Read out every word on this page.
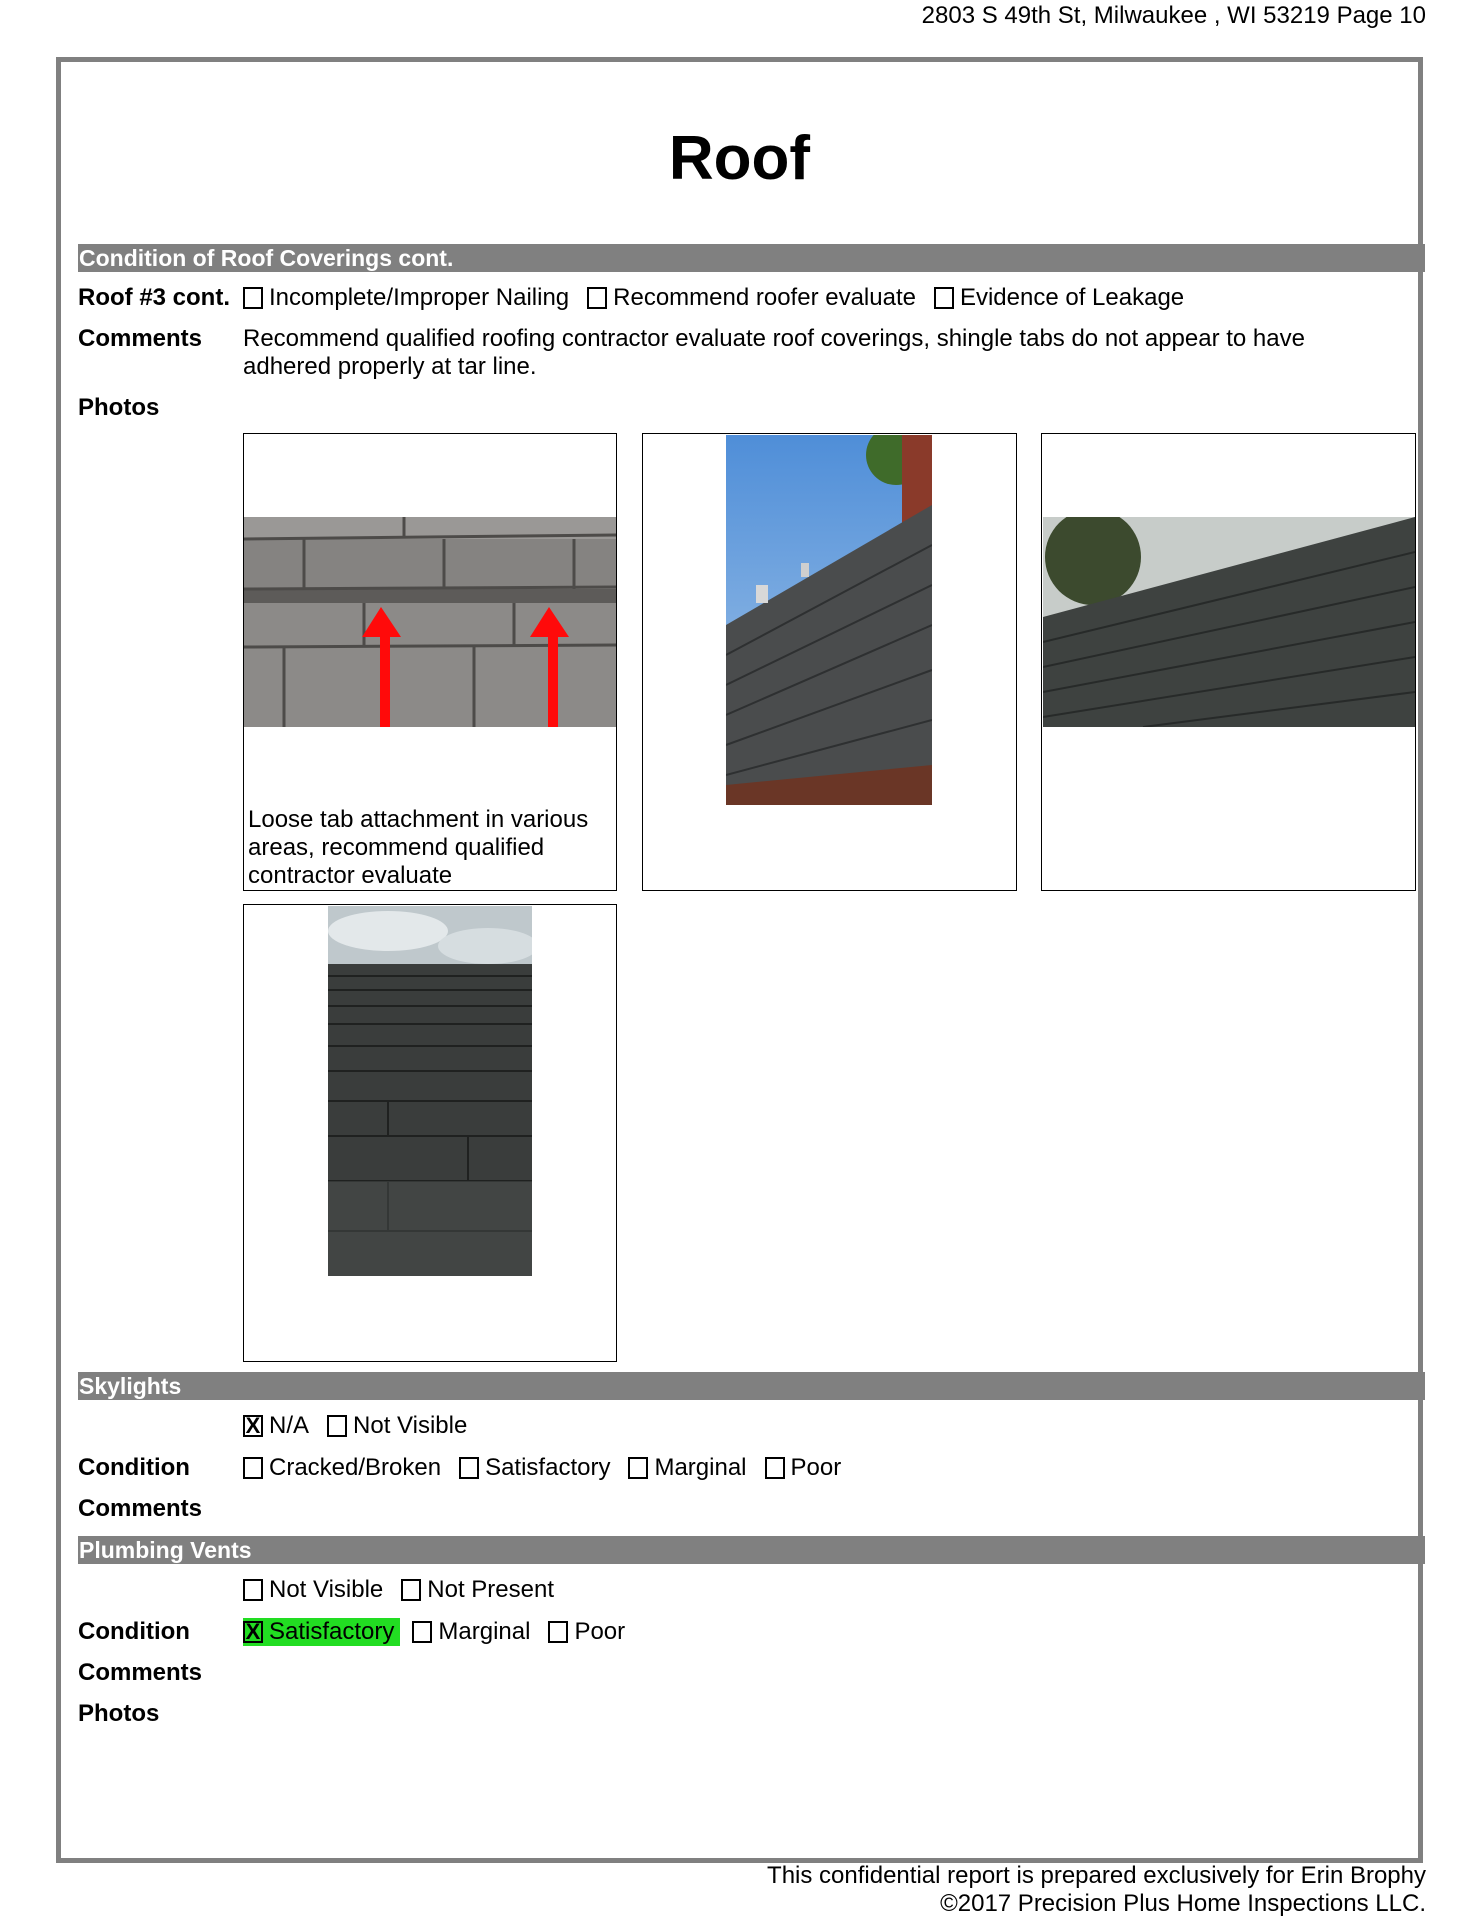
2803 S 49th St, Milwaukee , WI 53219 Page 10
Roof
Condition of Roof Coverings cont.
Roof #3 cont. Incomplete/Improper Nailing Recommend roofer evaluate Evidence of Leakage
Comments Recommend qualified roofing contractor evaluate roof coverings, shingle tabs do not appear to have adhered properly at tar line.
Photos
Loose tab attachment in various areas, recommend qualified contractor evaluate
Skylights
X N/A Not Visible
Condition	Cracked/Broken Satisfactory Marginal Poor
Comments
Plumbing Vents
Not Visible Not Present
Condition	X Satisfactory Marginal Poor
Comments
Photos
This confidential report is prepared exclusively for Erin Brophy
©2017 Precision Plus Home Inspections LLC.
